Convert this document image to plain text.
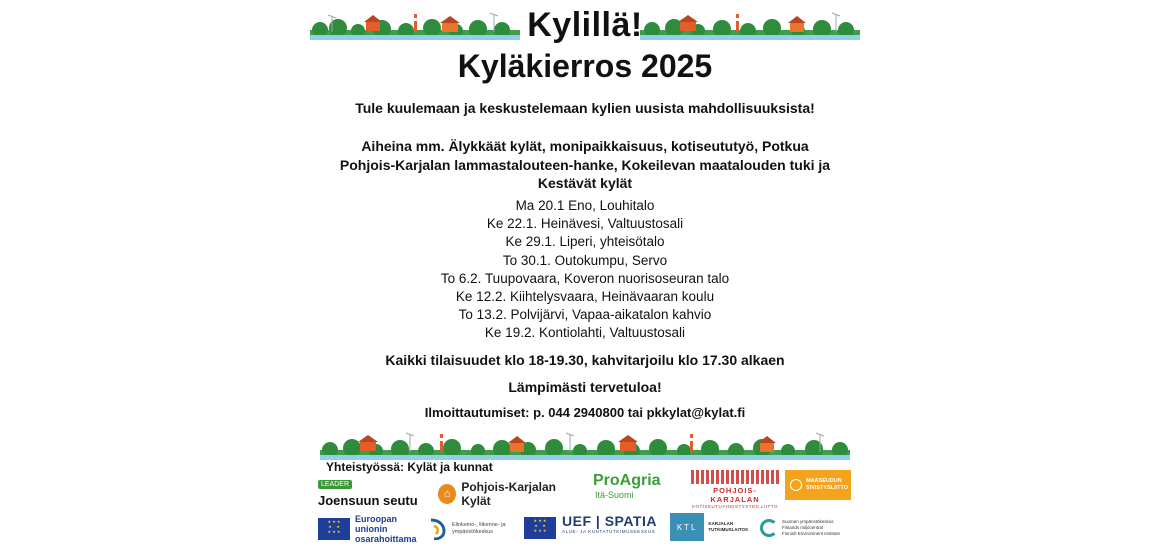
Kylillä!
Kyläkierros 2025
Tule kuulemaan ja keskustelemaan kylien uusista mahdollisuuksista!
Aiheina mm. Älykkäät kylät, monipaikkaisuus, kotiseututyö, Potkua
Pohjois-Karjalan lammastalouteen-hanke, Kokeilevan maatalouden tuki ja
Kestävät kylät
Ma 20.1 Eno, Louhitalo
Ke 22.1. Heinävesi, Valtuustosali
Ke 29.1. Liperi, yhteisötalo
To 30.1. Outokumpu, Servo
To 6.2. Tuupovaara, Koveron nuorisoseuran talo
Ke 12.2. Kiihtelysvaara, Heinävaaran koulu
To 13.2. Polvijärvi, Vapaa-aikatalon kahvio
Ke 19.2. Kontiolahti, Valtuustosali
Kaikki tilaisuudet klo 18-19.30, kahvitarjoilu klo 17.30 alkaen
Lämpimästi tervetuloa!
Ilmoittautumiset: p. 044 2940800 tai pkkylat@kylat.fi
Yhteistyössä: Kylät ja kunnat
LEADER
Joensuun seutu	⌂ Pohjois-Karjalan Kylät
ProAgria
Itä-Suomi	POHJOIS-KARJALAN
KOTISEUTUYHDISTYSTEN LIITTO
MAASEUDUN SIVISTYSLIITTO
★ ★ ★
★    ★
★ ★ ★
Euroopan unionin
osarahoittama
Elinkeino-, liikenne- ja
ympäristökeskus
★ ★ ★
★    ★
★ ★ ★
UEF | SPATIA
ALUE- JA KUNTATUTKIMUSKESKUS	KTL	KARJALAN
TUTKIMUSLAITOS
Suomen ympäristökeskus
Finlands miljöcentral
Finnish Environment Institute
